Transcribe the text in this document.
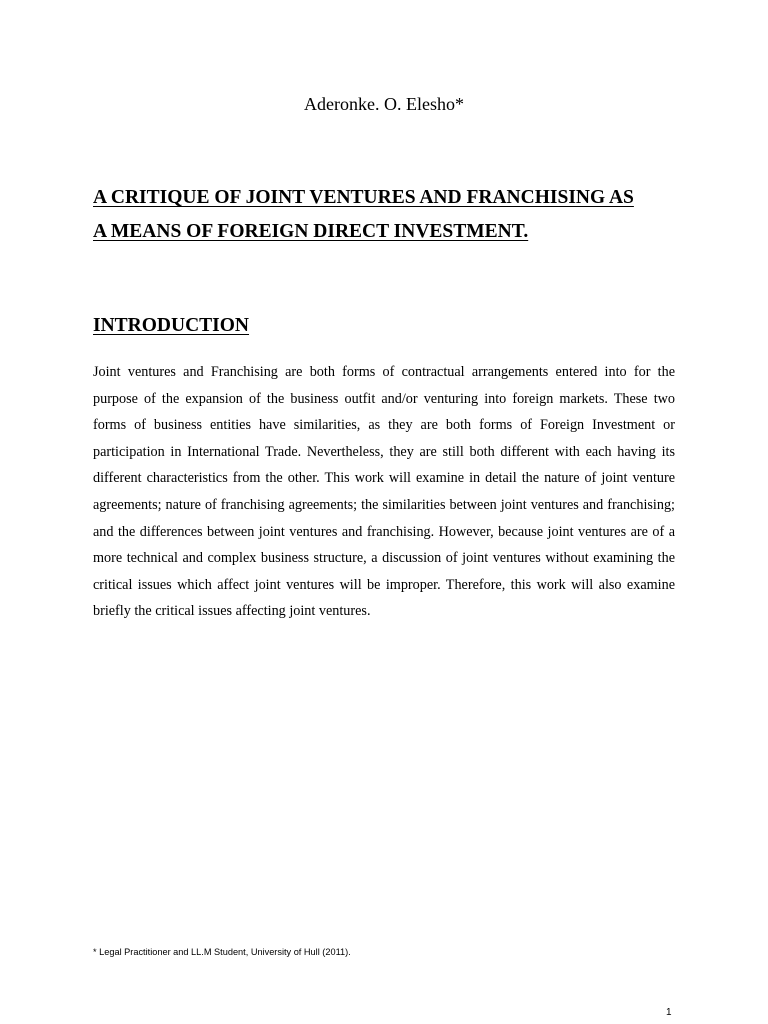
Aderonke. O. Elesho*
A CRITIQUE OF JOINT VENTURES AND FRANCHISING AS
A MEANS OF FOREIGN DIRECT INVESTMENT.
INTRODUCTION

Joint ventures and Franchising are both forms of contractual arrangements entered into for the purpose of the expansion of the business outfit and/or venturing into foreign markets. These two forms of business entities have similarities, as they are both forms of Foreign Investment or participation in International Trade. Nevertheless, they are still both different with each having its different characteristics from the other. This work will examine in detail the nature of joint venture agreements; nature of franchising agreements; the similarities between joint ventures and franchising; and the differences between joint ventures and franchising. However, because joint ventures are of a more technical and complex business structure, a discussion of joint ventures without examining the critical issues which affect joint ventures will be improper. Therefore, this work will also examine briefly the critical issues affecting joint ventures.

* Legal Practitioner and LL.M Student, University of Hull (2011).
1
